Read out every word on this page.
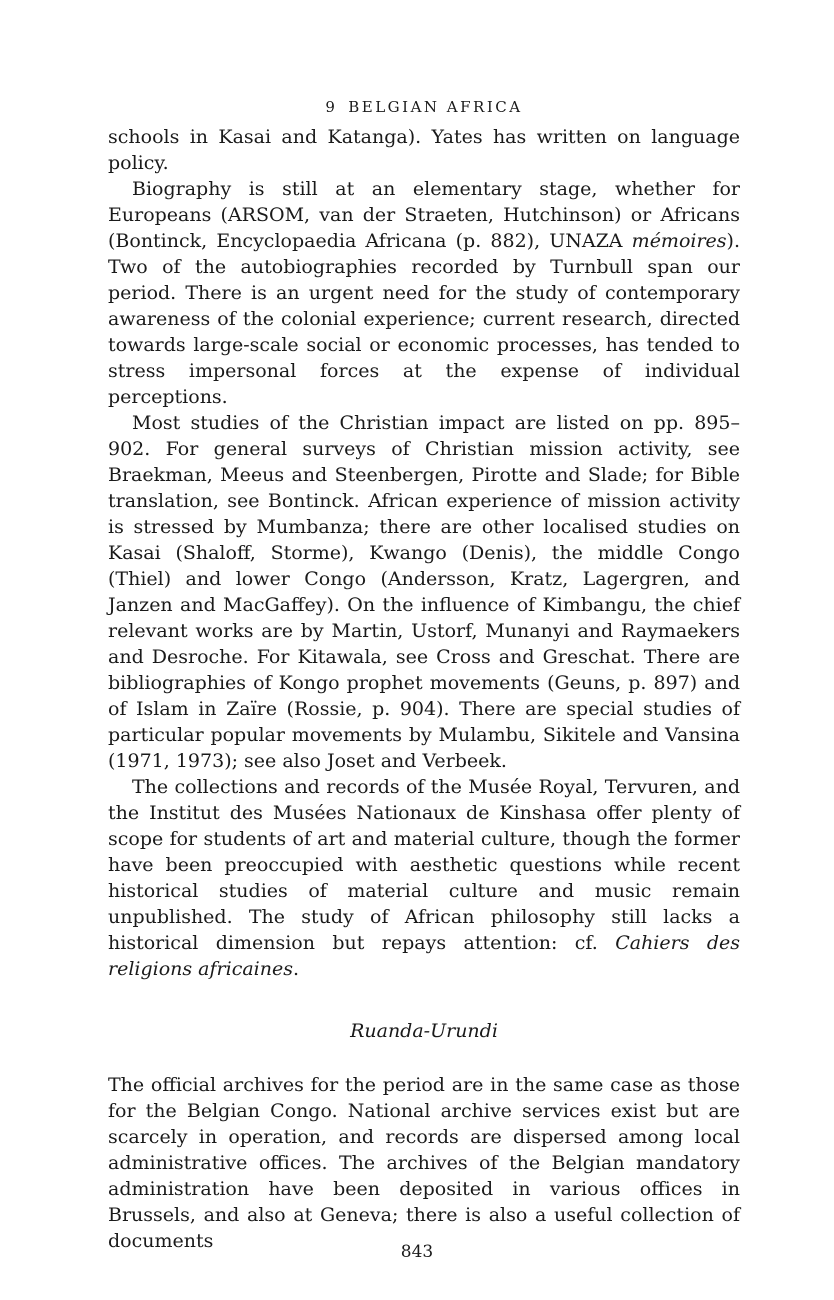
9 BELGIAN AFRICA

schools in Kasai and Katanga). Yates has written on language policy.

Biography is still at an elementary stage, whether for Europeans (ARSOM, van der Straeten, Hutchinson) or Africans (Bontinck, Encyclopaedia Africana (p. 882), UNAZA mémoires). Two of the autobiographies recorded by Turnbull span our period. There is an urgent need for the study of contemporary awareness of the colonial experience; current research, directed towards large-scale social or economic processes, has tended to stress impersonal forces at the expense of individual perceptions.

Most studies of the Christian impact are listed on pp. 895–902. For general surveys of Christian mission activity, see Braekman, Meeus and Steenbergen, Pirotte and Slade; for Bible translation, see Bontinck. African experience of mission activity is stressed by Mumbanza; there are other localised studies on Kasai (Shaloff, Storme), Kwango (Denis), the middle Congo (Thiel) and lower Congo (Andersson, Kratz, Lagergren, and Janzen and MacGaffey). On the influence of Kimbangu, the chief relevant works are by Martin, Ustorf, Munanyi and Raymaekers and Desroche. For Kitawala, see Cross and Greschat. There are bibliographies of Kongo prophet movements (Geuns, p. 897) and of Islam in Zaïre (Rossie, p. 904). There are special studies of particular popular movements by Mulambu, Sikitele and Vansina (1971, 1973); see also Joset and Verbeek.

The collections and records of the Musée Royal, Tervuren, and the Institut des Musées Nationaux de Kinshasa offer plenty of scope for students of art and material culture, though the former have been preoccupied with aesthetic questions while recent historical studies of material culture and music remain unpublished. The study of African philosophy still lacks a historical dimension but repays attention: cf. Cahiers des religions africaines.

Ruanda-Urundi

The official archives for the period are in the same case as those for the Belgian Congo. National archive services exist but are scarcely in operation, and records are dispersed among local administrative offices. The archives of the Belgian mandatory administration have been deposited in various offices in Brussels, and also at Geneva; there is also a useful collection of documents	843
